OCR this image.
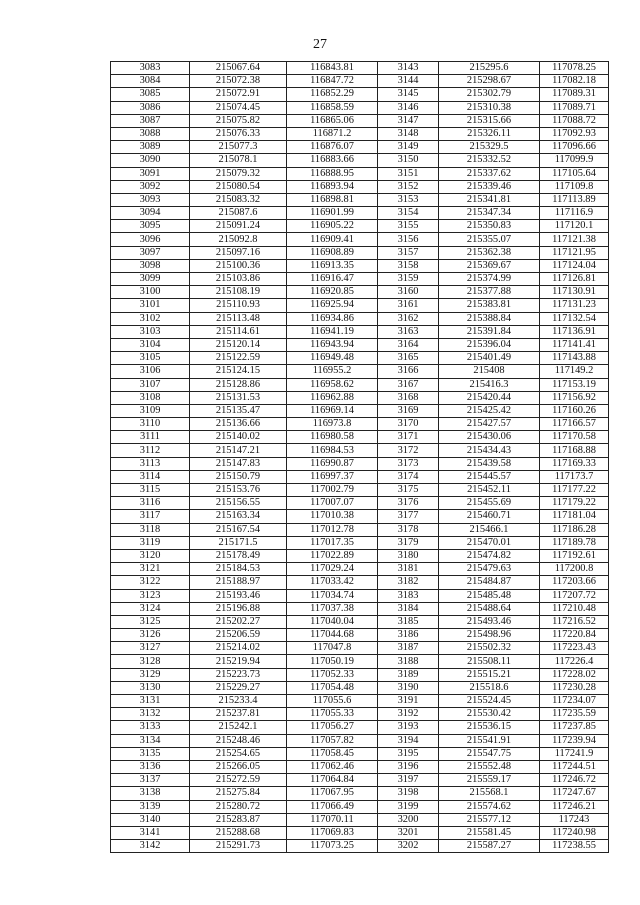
27
3083	215067.64	116843.81	3143	215295.6	117078.25
3084	215072.38	116847.72	3144	215298.67	117082.18
3085	215072.91	116852.29	3145	215302.79	117089.31
3086	215074.45	116858.59	3146	215310.38	117089.71
3087	215075.82	116865.06	3147	215315.66	117088.72
3088	215076.33	116871.2	3148	215326.11	117092.93
3089	215077.3	116876.07	3149	215329.5	117096.66
3090	215078.1	116883.66	3150	215332.52	117099.9
3091	215079.32	116888.95	3151	215337.62	117105.64
3092	215080.54	116893.94	3152	215339.46	117109.8
3093	215083.32	116898.81	3153	215341.81	117113.89
3094	215087.6	116901.99	3154	215347.34	117116.9
3095	215091.24	116905.22	3155	215350.83	117120.1
3096	215092.8	116909.41	3156	215355.07	117121.38
3097	215097.16	116908.89	3157	215362.38	117121.95
3098	215100.36	116913.35	3158	215369.67	117124.04
3099	215103.86	116916.47	3159	215374.99	117126.81
3100	215108.19	116920.85	3160	215377.88	117130.91
3101	215110.93	116925.94	3161	215383.81	117131.23
3102	215113.48	116934.86	3162	215388.84	117132.54
3103	215114.61	116941.19	3163	215391.84	117136.91
3104	215120.14	116943.94	3164	215396.04	117141.41
3105	215122.59	116949.48	3165	215401.49	117143.88
3106	215124.15	116955.2	3166	215408	117149.2
3107	215128.86	116958.62	3167	215416.3	117153.19
3108	215131.53	116962.88	3168	215420.44	117156.92
3109	215135.47	116969.14	3169	215425.42	117160.26
3110	215136.66	116973.8	3170	215427.57	117166.57
3111	215140.02	116980.58	3171	215430.06	117170.58
3112	215147.21	116984.53	3172	215434.43	117168.88
3113	215147.83	116990.87	3173	215439.58	117169.33
3114	215150.79	116997.37	3174	215445.57	117173.7
3115	215153.76	117002.79	3175	215452.11	117177.22
3116	215156.55	117007.07	3176	215455.69	117179.22
3117	215163.34	117010.38	3177	215460.71	117181.04
3118	215167.54	117012.78	3178	215466.1	117186.28
3119	215171.5	117017.35	3179	215470.01	117189.78
3120	215178.49	117022.89	3180	215474.82	117192.61
3121	215184.53	117029.24	3181	215479.63	117200.8
3122	215188.97	117033.42	3182	215484.87	117203.66
3123	215193.46	117034.74	3183	215485.48	117207.72
3124	215196.88	117037.38	3184	215488.64	117210.48
3125	215202.27	117040.04	3185	215493.46	117216.52
3126	215206.59	117044.68	3186	215498.96	117220.84
3127	215214.02	117047.8	3187	215502.32	117223.43
3128	215219.94	117050.19	3188	215508.11	117226.4
3129	215223.73	117052.33	3189	215515.21	117228.02
3130	215229.27	117054.48	3190	215518.6	117230.28
3131	215233.4	117055.6	3191	215524.45	117234.07
3132	215237.81	117055.33	3192	215530.42	117235.59
3133	215242.1	117056.27	3193	215536.15	117237.85
3134	215248.46	117057.82	3194	215541.91	117239.94
3135	215254.65	117058.45	3195	215547.75	117241.9
3136	215266.05	117062.46	3196	215552.48	117244.51
3137	215272.59	117064.84	3197	215559.17	117246.72
3138	215275.84	117067.95	3198	215568.1	117247.67
3139	215280.72	117066.49	3199	215574.62	117246.21
3140	215283.87	117070.11	3200	215577.12	117243
3141	215288.68	117069.83	3201	215581.45	117240.98
3142	215291.73	117073.25	3202	215587.27	117238.55
